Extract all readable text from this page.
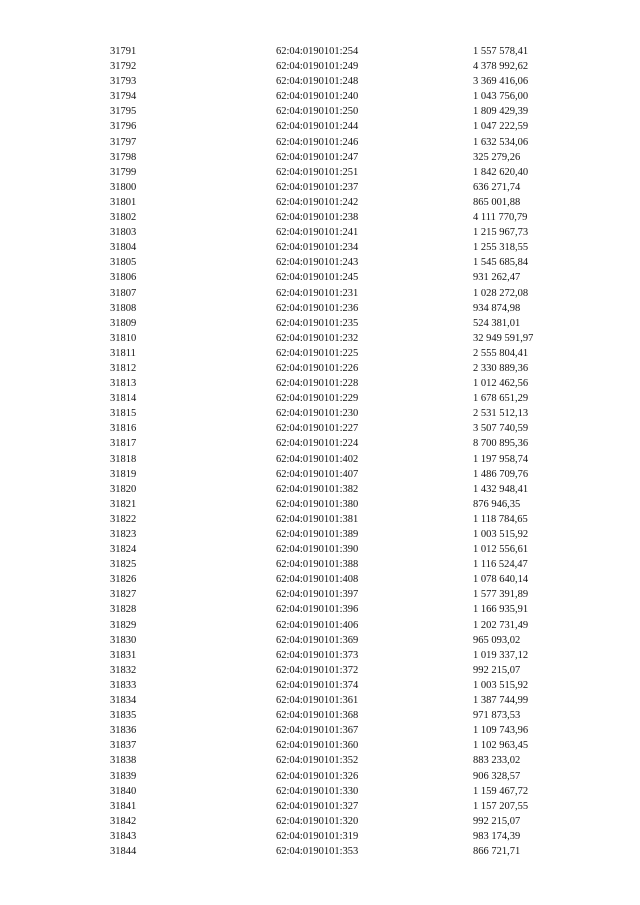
31791	62:04:0190101:254	1 557 578,41
31792	62:04:0190101:249	4 378 992,62
31793	62:04:0190101:248	3 369 416,06
31794	62:04:0190101:240	1 043 756,00
31795	62:04:0190101:250	1 809 429,39
31796	62:04:0190101:244	1 047 222,59
31797	62:04:0190101:246	1 632 534,06
31798	62:04:0190101:247	325 279,26
31799	62:04:0190101:251	1 842 620,40
31800	62:04:0190101:237	636 271,74
31801	62:04:0190101:242	865 001,88
31802	62:04:0190101:238	4 111 770,79
31803	62:04:0190101:241	1 215 967,73
31804	62:04:0190101:234	1 255 318,55
31805	62:04:0190101:243	1 545 685,84
31806	62:04:0190101:245	931 262,47
31807	62:04:0190101:231	1 028 272,08
31808	62:04:0190101:236	934 874,98
31809	62:04:0190101:235	524 381,01
31810	62:04:0190101:232	32 949 591,97
31811	62:04:0190101:225	2 555 804,41
31812	62:04:0190101:226	2 330 889,36
31813	62:04:0190101:228	1 012 462,56
31814	62:04:0190101:229	1 678 651,29
31815	62:04:0190101:230	2 531 512,13
31816	62:04:0190101:227	3 507 740,59
31817	62:04:0190101:224	8 700 895,36
31818	62:04:0190101:402	1 197 958,74
31819	62:04:0190101:407	1 486 709,76
31820	62:04:0190101:382	1 432 948,41
31821	62:04:0190101:380	876 946,35
31822	62:04:0190101:381	1 118 784,65
31823	62:04:0190101:389	1 003 515,92
31824	62:04:0190101:390	1 012 556,61
31825	62:04:0190101:388	1 116 524,47
31826	62:04:0190101:408	1 078 640,14
31827	62:04:0190101:397	1 577 391,89
31828	62:04:0190101:396	1 166 935,91
31829	62:04:0190101:406	1 202 731,49
31830	62:04:0190101:369	965 093,02
31831	62:04:0190101:373	1 019 337,12
31832	62:04:0190101:372	992 215,07
31833	62:04:0190101:374	1 003 515,92
31834	62:04:0190101:361	1 387 744,99
31835	62:04:0190101:368	971 873,53
31836	62:04:0190101:367	1 109 743,96
31837	62:04:0190101:360	1 102 963,45
31838	62:04:0190101:352	883 233,02
31839	62:04:0190101:326	906 328,57
31840	62:04:0190101:330	1 159 467,72
31841	62:04:0190101:327	1 157 207,55
31842	62:04:0190101:320	992 215,07
31843	62:04:0190101:319	983 174,39
31844	62:04:0190101:353	866 721,71
